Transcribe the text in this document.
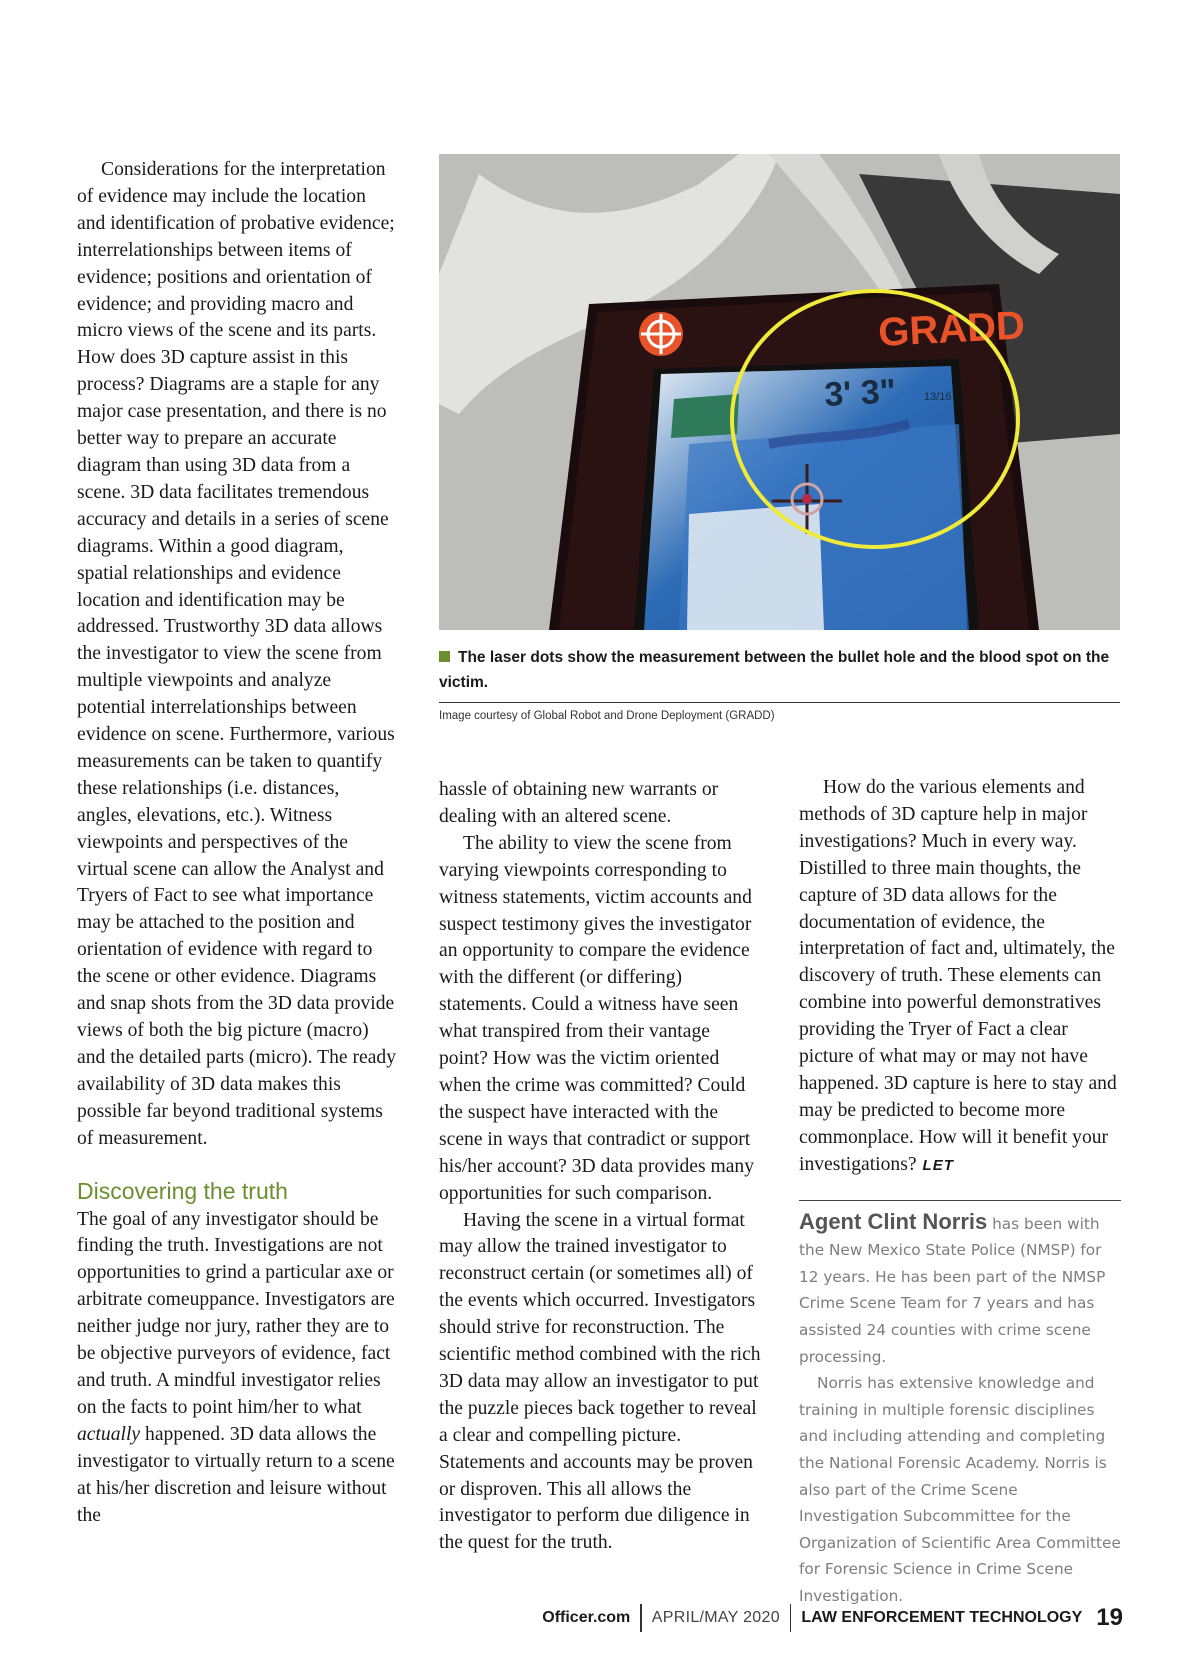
Considerations for the interpretation of evidence may include the location and identification of probative evidence; interrelationships between items of evidence; positions and orientation of evidence; and providing macro and micro views of the scene and its parts. How does 3D capture assist in this process? Diagrams are a staple for any major case presentation, and there is no better way to prepare an accurate diagram than using 3D data from a scene. 3D data facilitates tremendous accuracy and details in a series of scene diagrams. Within a good diagram, spatial relationships and evidence location and identification may be addressed. Trustworthy 3D data allows the investigator to view the scene from multiple viewpoints and analyze potential interrelationships between evidence on scene. Furthermore, various measurements can be taken to quantify these relationships (i.e. distances, angles, elevations, etc.). Witness viewpoints and perspectives of the virtual scene can allow the Analyst and Tryers of Fact to see what importance may be attached to the position and orientation of evidence with regard to the scene or other evidence. Diagrams and snap shots from the 3D data provide views of both the big picture (macro) and the detailed parts (micro). The ready availability of 3D data makes this possible far beyond traditional systems of measurement.

Discovering the truth

The goal of any investigator should be finding the truth. Investigations are not opportunities to grind a particular axe or arbitrate comeuppance. Investigators are neither judge nor jury, rather they are to be objective purveyors of evidence, fact and truth. A mindful investigator relies on the facts to point him/her to what actually happened. 3D data allows the investigator to virtually return to a scene at his/her discretion and leisure without the

GRADD
3' 3" 13/16
The laser dots show the measurement between the bullet hole and the blood spot on the victim.
Image courtesy of Global Robot and Drone Deployment (GRADD)

hassle of obtaining new warrants or dealing with an altered scene.

The ability to view the scene from varying viewpoints corresponding to witness statements, victim accounts and suspect testimony gives the investigator an opportunity to compare the evidence with the different (or differing) statements. Could a witness have seen what transpired from their vantage point? How was the victim oriented when the crime was committed? Could the suspect have interacted with the scene in ways that contradict or support his/her account? 3D data provides many opportunities for such comparison.

Having the scene in a virtual format may allow the trained investigator to reconstruct certain (or sometimes all) of the events which occurred. Investigators should strive for reconstruction. The scientific method combined with the rich 3D data may allow an investigator to put the puzzle pieces back together to reveal a clear and compelling picture. Statements and accounts may be proven or disproven. This all allows the investigator to perform due diligence in the quest for the truth.

How do the various elements and methods of 3D capture help in major investigations? Much in every way. Distilled to three main thoughts, the capture of 3D data allows for the documentation of evidence, the interpretation of fact and, ultimately, the discovery of truth. These elements can combine into powerful demonstratives providing the Tryer of Fact a clear picture of what may or may not have happened. 3D capture is here to stay and may be predicted to become more commonplace. How will it benefit your investigations? LET

Agent Clint Norris has been with the New Mexico State Police (NMSP) for 12 years. He has been part of the NMSP Crime Scene Team for 7 years and has assisted 24 counties with crime scene processing.

Norris has extensive knowledge and training in multiple forensic disciplines and including attending and completing the National Forensic Academy. Norris is also part of the Crime Scene Investigation Subcommittee for the Organization of Scientific Area Committee for Forensic Science in Crime Scene Investigation.

Officer.com APRIL/MAY 2020 LAW ENFORCEMENT TECHNOLOGY 19
